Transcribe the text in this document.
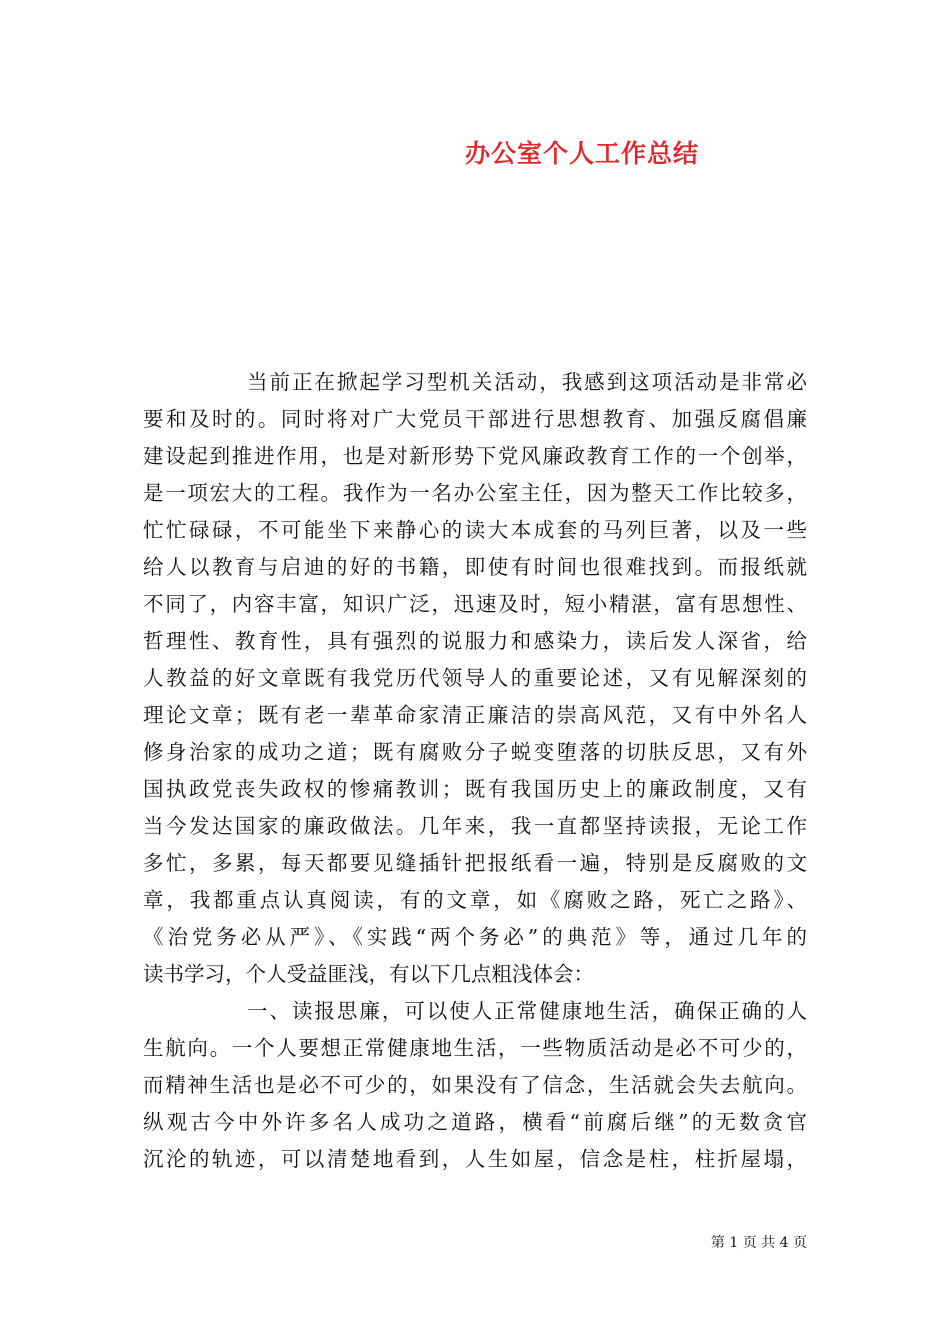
办公室个人工作总结
当前正在掀起学习型机关活动，我感到这项活动是非常必
要和及时的。同时将对广大党员干部进行思想教育、加强反腐倡廉
建设起到推进作用，也是对新形势下党风廉政教育工作的一个创举，
是一项宏大的工程。我作为一名办公室主任，因为整天工作比较多，
忙忙碌碌，不可能坐下来静心的读大本成套的马列巨著，以及一些
给人以教育与启迪的好的书籍，即使有时间也很难找到。而报纸就
不同了，内容丰富，知识广泛，迅速及时，短小精湛，富有思想性、
哲理性、教育性，具有强烈的说服力和感染力，读后发人深省，给
人教益的好文章既有我党历代领导人的重要论述，又有见解深刻的
理论文章；既有老一辈革命家清正廉洁的崇高风范，又有中外名人
修身治家的成功之道；既有腐败分子蜕变堕落的切肤反思，又有外
国执政党丧失政权的惨痛教训；既有我国历史上的廉政制度，又有
当今发达国家的廉政做法。几年来，我一直都坚持读报，无论工作
多忙，多累，每天都要见缝插针把报纸看一遍，特别是反腐败的文
章，我都重点认真阅读，有的文章，如《腐败之路，死亡之路》、
《治党务必从严》、《实践“两个务必”的典范》等，通过几年的
读书学习，个人受益匪浅，有以下几点粗浅体会：
一、读报思廉，可以使人正常健康地生活，确保正确的人
生航向。一个人要想正常健康地生活，一些物质活动是必不可少的，
而精神生活也是必不可少的，如果没有了信念，生活就会失去航向。
纵观古今中外许多名人成功之道路，横看“前腐后继”的无数贪官
沉沦的轨迹，可以清楚地看到，人生如屋，信念是柱，柱折屋塌，
第 1 页 共 4 页
